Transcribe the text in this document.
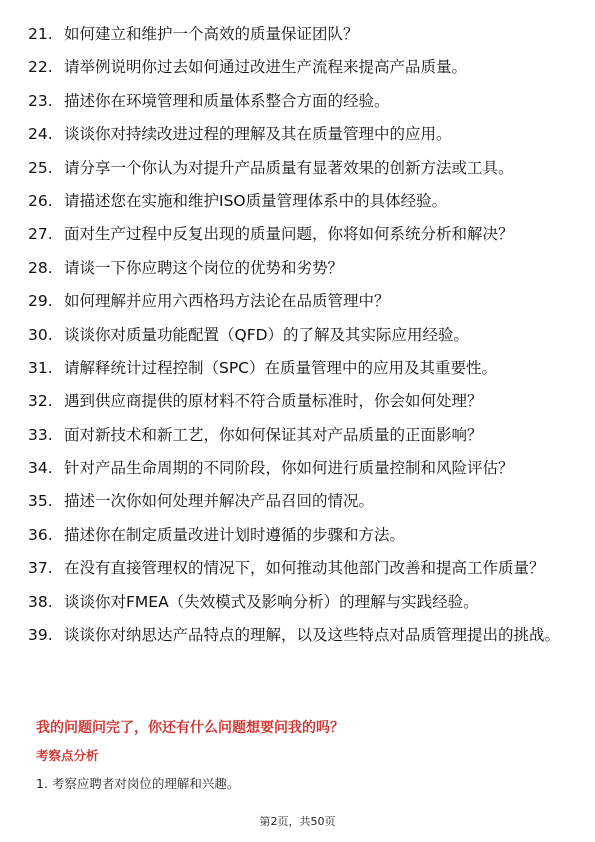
21. 如何建立和维护一个高效的质量保证团队？
22. 请举例说明你过去如何通过改进生产流程来提高产品质量。
23. 描述你在环境管理和质量体系整合方面的经验。
24. 谈谈你对持续改进过程的理解及其在质量管理中的应用。
25. 请分享一个你认为对提升产品质量有显著效果的创新方法或工具。
26. 请描述您在实施和维护ISO质量管理体系中的具体经验。
27. 面对生产过程中反复出现的质量问题，你将如何系统分析和解决？
28. 请谈一下你应聘这个岗位的优势和劣势？
29. 如何理解并应用六西格玛方法论在品质管理中？
30. 谈谈你对质量功能配置（QFD）的了解及其实际应用经验。
31. 请解释统计过程控制（SPC）在质量管理中的应用及其重要性。
32. 遇到供应商提供的原材料不符合质量标准时，你会如何处理？
33. 面对新技术和新工艺，你如何保证其对产品质量的正面影响？
34. 针对产品生命周期的不同阶段，你如何进行质量控制和风险评估？
35. 描述一次你如何处理并解决产品召回的情况。
36. 描述你在制定质量改进计划时遵循的步骤和方法。
37. 在没有直接管理权的情况下，如何推动其他部门改善和提高工作质量？
38. 谈谈你对FMEA（失效模式及影响分析）的理解与实践经验。
39. 谈谈你对纳思达产品特点的理解，以及这些特点对品质管理提出的挑战。
我的问题问完了，你还有什么问题想要问我的吗？
考察点分析
1. 考察应聘者对岗位的理解和兴趣。
第2页，共50页
